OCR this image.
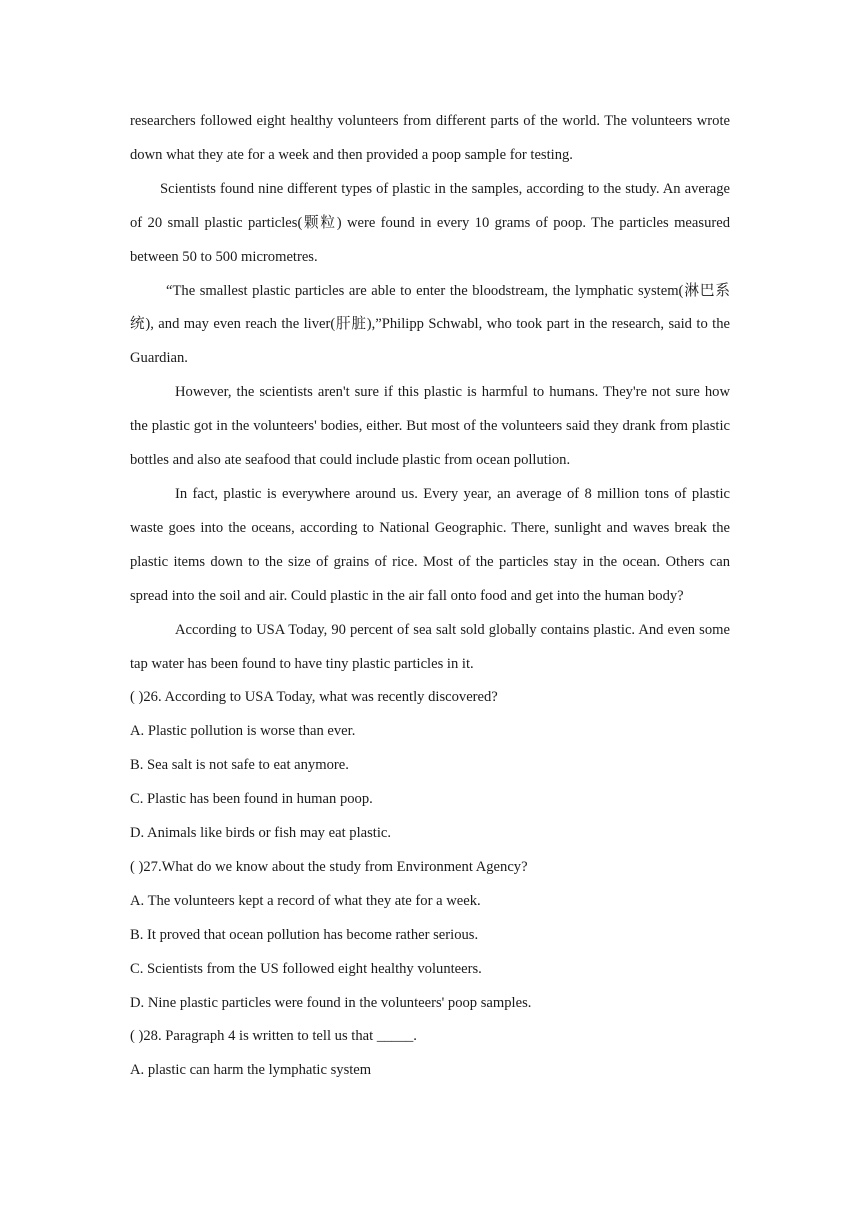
researchers followed eight healthy volunteers from different parts of the world. The volunteers wrote down what they ate for a week and then provided a poop sample for testing.

Scientists found nine different types of plastic in the samples, according to the study. An average of 20 small plastic particles(颗粒) were found in every 10 grams of poop. The particles measured between 50 to 500 micrometres.

“The smallest plastic particles are able to enter the bloodstream, the lymphatic system(淋巴系统), and may even reach the liver(肝脏),”Philipp Schwabl, who took part in the research, said to the Guardian.

However, the scientists aren't sure if this plastic is harmful to humans. They're not sure how the plastic got in the volunteers' bodies, either. But most of the volunteers said they drank from plastic bottles and also ate seafood that could include plastic from ocean pollution.

In fact, plastic is everywhere around us. Every year, an average of 8 million tons of plastic waste goes into the oceans, according to National Geographic. There, sunlight and waves break the plastic items down to the size of grains of rice. Most of the particles stay in the ocean. Others can spread into the soil and air. Could plastic in the air fall onto food and get into the human body?

According to USA Today, 90 percent of sea salt sold globally contains plastic. And even some tap water has been found to have tiny plastic particles in it.

( )26. According to USA Today, what was recently discovered?

A. Plastic pollution is worse than ever.

B. Sea salt is not safe to eat anymore.

C. Plastic has been found in human poop.

D. Animals like birds or fish may eat plastic.

( )27.What do we know about the study from Environment Agency?

A. The volunteers kept a record of what they ate for a week.

B. It proved that ocean pollution has become rather serious.

C. Scientists from the US followed eight healthy volunteers.

D. Nine plastic particles were found in the volunteers' poop samples.

( )28. Paragraph 4 is written to tell us that _____.

A. plastic can harm the lymphatic system
